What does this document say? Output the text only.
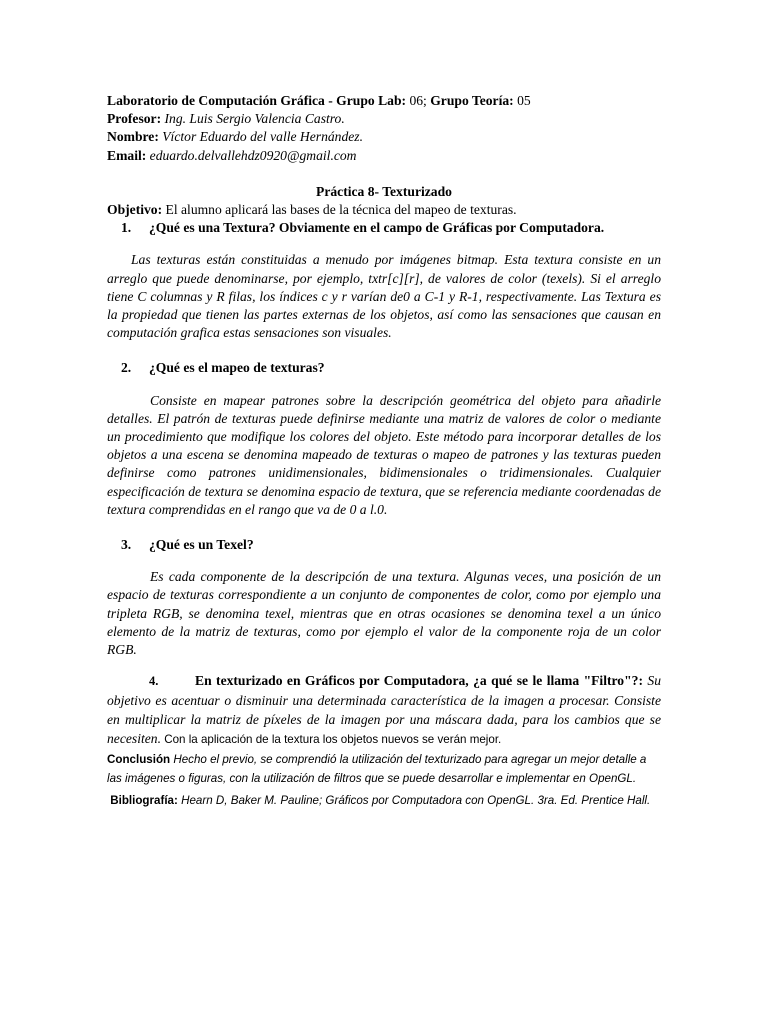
Laboratorio de Computación Gráfica - Grupo Lab: 06; Grupo Teoría: 05

Profesor: Ing. Luis Sergio Valencia Castro.

Nombre: Víctor Eduardo del valle Hernández.

Email: eduardo.delvallehdz0920@gmail.com

Práctica 8- Texturizado

Objetivo: El alumno aplicará las bases de la técnica del mapeo de texturas.

1. ¿Qué es una Textura? Obviamente en el campo de Gráficas por Computadora.

Las texturas están constituidas a menudo por imágenes bitmap. Esta textura consiste en un arreglo que puede denominarse, por ejemplo, txtr[c][r], de valores de color (texels). Si el arreglo tiene C columnas y R filas, los índices c y r varían de0 a C-1 y R-1, respectivamente. Las Textura es la propiedad que tienen las partes externas de los objetos, así como las sensaciones que causan en computación grafica estas sensaciones son visuales.

2. ¿Qué es el mapeo de texturas?

Consiste en mapear patrones sobre la descripción geométrica del objeto para añadirle detalles. El patrón de texturas puede definirse mediante una matriz de valores de color o mediante un procedimiento que modifique los colores del objeto. Este método para incorporar detalles de los objetos a una escena se denomina mapeado de texturas o mapeo de patrones y las texturas pueden definirse como patrones unidimensionales, bidimensionales o tridimensionales. Cualquier especificación de textura se denomina espacio de textura, que se referencia mediante coordenadas de textura comprendidas en el rango que va de 0 a l.0.

3. ¿Qué es un Texel?

Es cada componente de la descripción de una textura. Algunas veces, una posición de un espacio de texturas correspondiente a un conjunto de componentes de color, como por ejemplo una tripleta RGB, se denomina texel, mientras que en otras ocasiones se denomina texel a un único elemento de la matriz de texturas, como por ejemplo el valor de la componente roja de un color RGB.

4.	En texturizado en Gráficos por Computadora, ¿a qué se le llama "Filtro"?: Su objetivo es acentuar o disminuir una determinada característica de la imagen a procesar. Consiste en multiplicar la matriz de píxeles de la imagen por una máscara dada, para los cambios que se necesiten. Con la aplicación de la textura los objetos nuevos se verán mejor.

Conclusión Hecho el previo, se comprendió la utilización del texturizado para agregar un mejor detalle a las imágenes o figuras, con la utilización de filtros que se puede desarrollar e implementar en OpenGL.

Bibliografía: Hearn D, Baker M. Pauline; Gráficos por Computadora con OpenGL. 3ra. Ed. Prentice Hall.
